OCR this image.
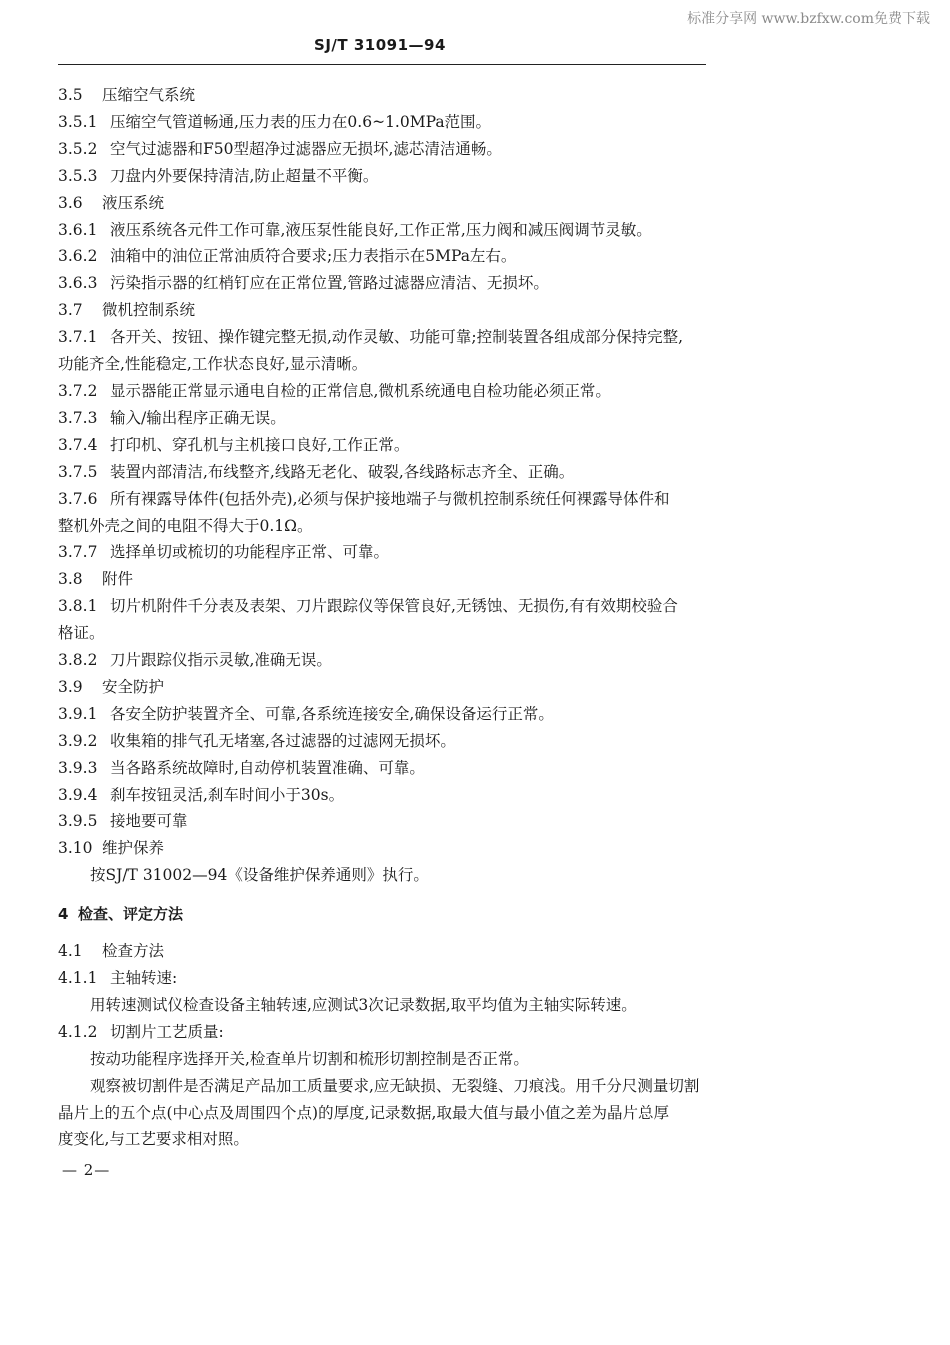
标准分享网 www.bzfxw.com免费下载
SJ/T 31091—94
3.5 压缩空气系统
3.5.1 压缩空气管道畅通,压力表的压力在0.6~1.0MPa范围。
3.5.2 空气过滤器和F50型超净过滤器应无损坏,滤芯清洁通畅。
3.5.3 刀盘内外要保持清洁,防止超量不平衡。
3.6 液压系统
3.6.1 液压系统各元件工作可靠,液压泵性能良好,工作正常,压力阀和减压阀调节灵敏。
3.6.2 油箱中的油位正常油质符合要求;压力表指示在5MPa左右。
3.6.3 污染指示器的红梢钉应在正常位置,管路过滤器应清洁、无损坏。
3.7 微机控制系统
3.7.1 各开关、按钮、操作键完整无损,动作灵敏、功能可靠;控制装置各组成部分保持完整,
功能齐全,性能稳定,工作状态良好,显示清晰。
3.7.2 显示器能正常显示通电自检的正常信息,微机系统通电自检功能必须正常。
3.7.3 输入/输出程序正确无误。
3.7.4 打印机、穿孔机与主机接口良好,工作正常。
3.7.5 装置内部清洁,布线整齐,线路无老化、破裂,各线路标志齐全、正确。
3.7.6 所有裸露导体件(包括外壳),必须与保护接地端子与微机控制系统任何裸露导体件和
整机外壳之间的电阻不得大于0.1Ω。
3.7.7 选择单切或梳切的功能程序正常、可靠。
3.8 附件
3.8.1 切片机附件千分表及表架、刀片跟踪仪等保管良好,无锈蚀、无损伤,有有效期校验合
格证。
3.8.2 刀片跟踪仪指示灵敏,准确无误。
3.9 安全防护
3.9.1 各安全防护装置齐全、可靠,各系统连接安全,确保设备运行正常。
3.9.2 收集箱的排气孔无堵塞,各过滤器的过滤网无损坏。
3.9.3 当各路系统故障时,自动停机装置准确、可靠。
3.9.4 刹车按钮灵活,刹车时间小于30s。
3.9.5 接地要可靠
3.10 维护保养
按SJ/T 31002—94《设备维护保养通则》执行。
4 检查、评定方法
4.1 检查方法
4.1.1 主轴转速:
用转速测试仪检查设备主轴转速,应测试3次记录数据,取平均值为主轴实际转速。
4.1.2 切割片工艺质量:
按动功能程序选择开关,检查单片切割和梳形切割控制是否正常。
观察被切割件是否满足产品加工质量要求,应无缺损、无裂缝、刀痕浅。用千分尺测量切割
晶片上的五个点(中心点及周围四个点)的厚度,记录数据,取最大值与最小值之差为晶片总厚
度变化,与工艺要求相对照。
— 2—
